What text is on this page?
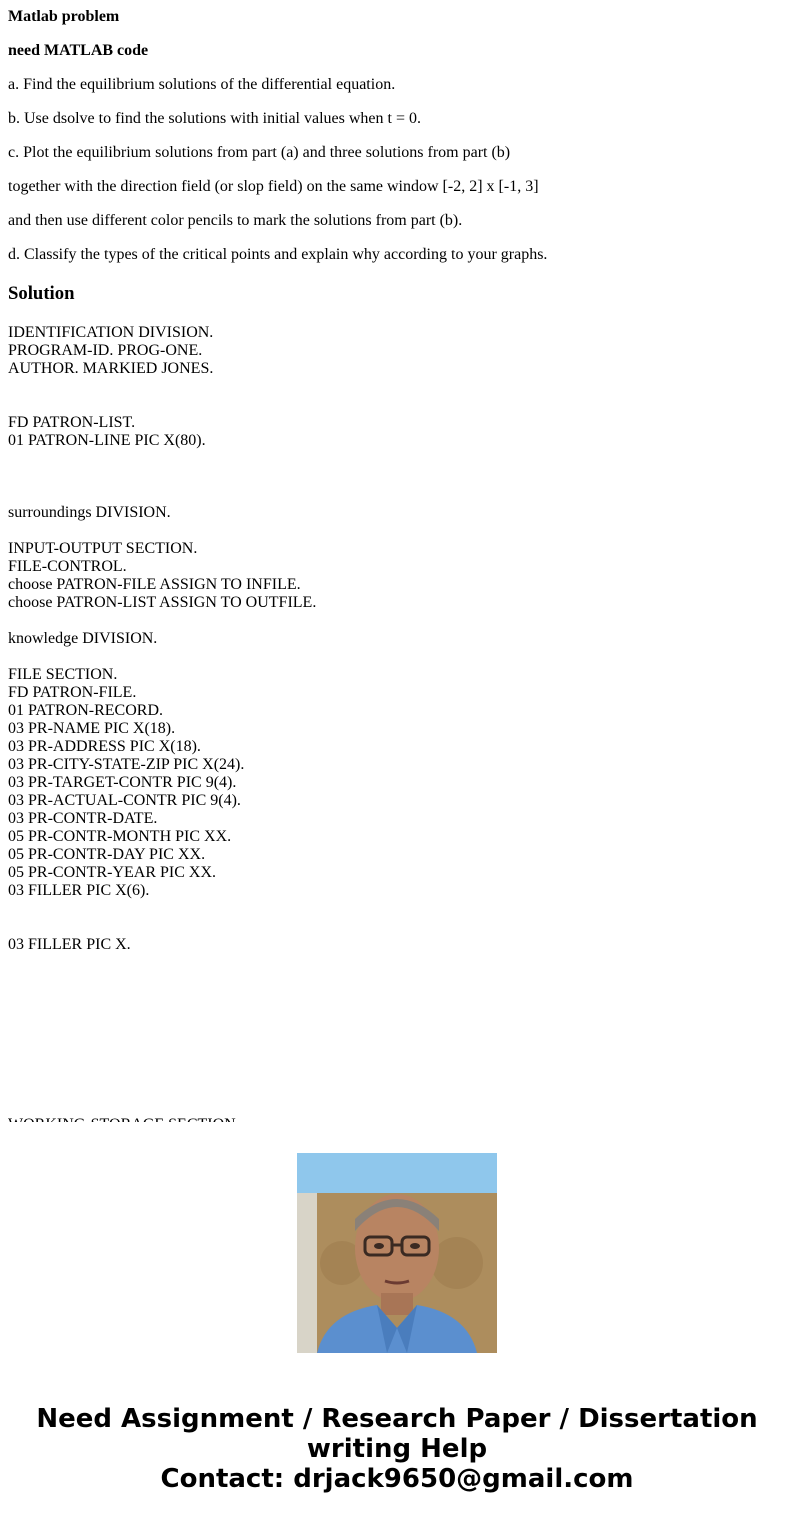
Matlab problem

need MATLAB code

a. Find the equilibrium solutions of the differential equation.

b. Use dsolve to find the solutions with initial values when t = 0.

c. Plot the equilibrium solutions from part (a) and three solutions from part (b)

together with the direction field (or slop field) on the same window [-2, 2] x [-1, 3]

and then use different color pencils to mark the solutions from part (b).

d. Classify the types of the critical points and explain why according to your graphs.

Solution
IDENTIFICATION DIVISION.
PROGRAM-ID. PROG-ONE.
AUTHOR. MARKIED JONES.
FD PATRON-LIST.
01 PATRON-LINE PIC X(80).
surroundings DIVISION.
INPUT-OUTPUT SECTION.
FILE-CONTROL.
choose PATRON-FILE ASSIGN TO INFILE.
choose PATRON-LIST ASSIGN TO OUTFILE.
knowledge DIVISION.
FILE SECTION.
FD PATRON-FILE.
01 PATRON-RECORD.
03 PR-NAME PIC X(18).
03 PR-ADDRESS PIC X(18).
03 PR-CITY-STATE-ZIP PIC X(24).
03 PR-TARGET-CONTR PIC 9(4).
03 PR-ACTUAL-CONTR PIC 9(4).
03 PR-CONTR-DATE.
05 PR-CONTR-MONTH PIC XX.
05 PR-CONTR-DAY PIC XX.
05 PR-CONTR-YEAR PIC XX.
03 FILLER PIC X(6).
03 FILLER PIC X.
Need Assignment / Research Paper / Dissertation
writing Help
Contact: drjack9650@gmail.com
